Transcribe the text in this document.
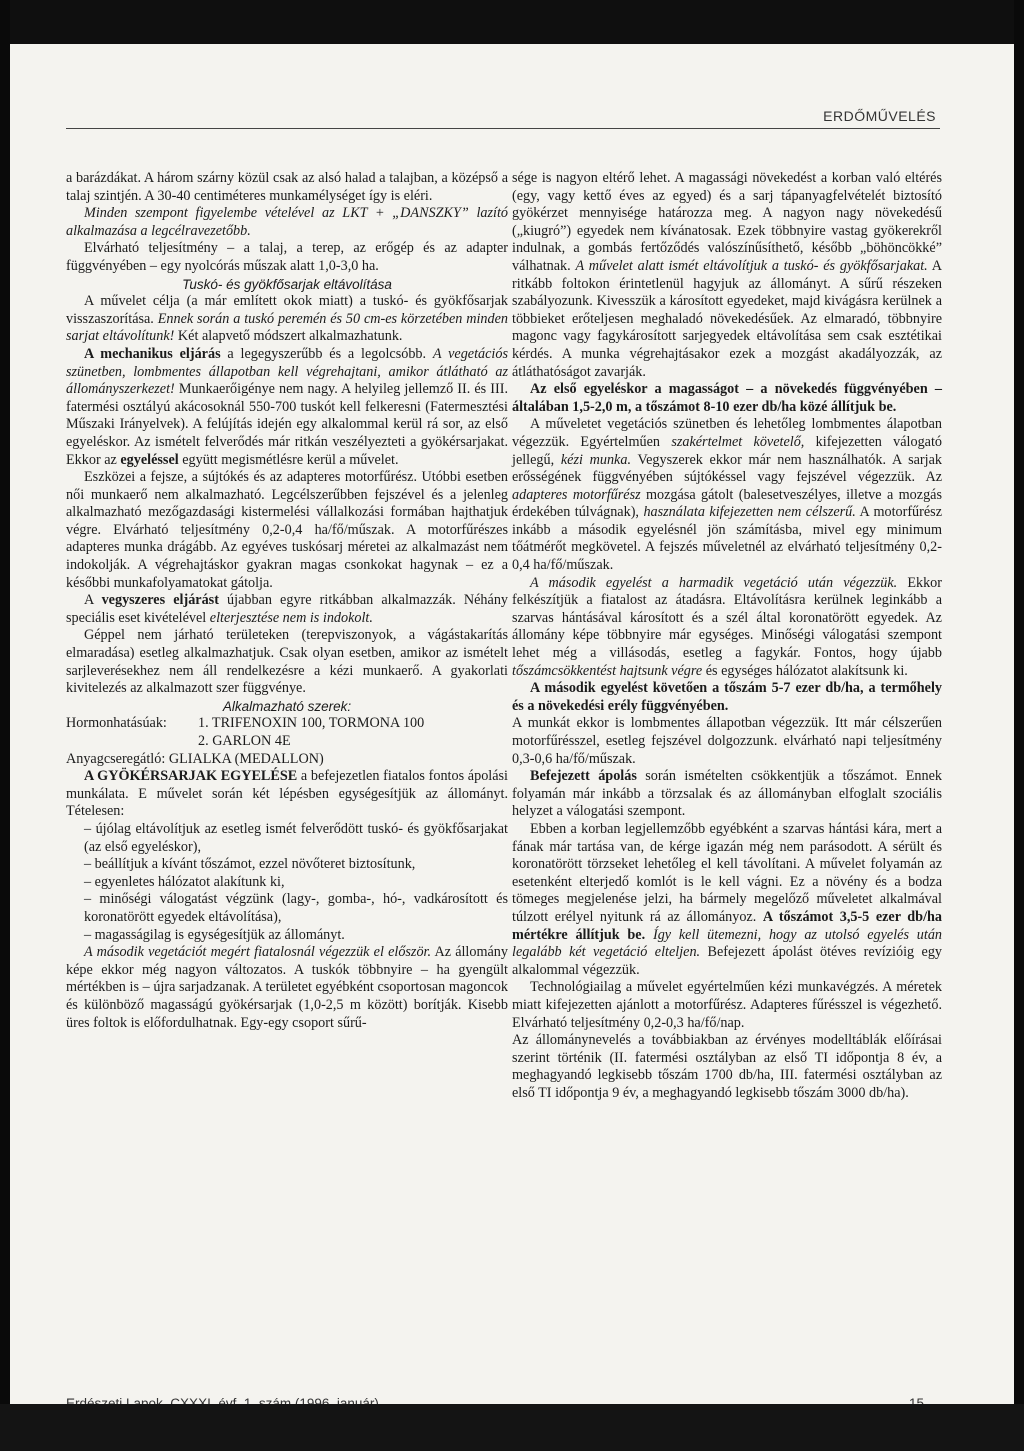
ERDŐMŰVELÉS

a barázdákat. A három szárny közül csak az alsó halad a talajban, a középső a talaj szintjén. A 30-40 centiméteres munkamélységet így is eléri.

Minden szempont figyelembe vételével az LKT + „DANSZKY” lazító alkalmazása a legcélravezetőbb.

Elvárható teljesítmény – a talaj, a terep, az erőgép és az adapter függvényében – egy nyolcórás műszak alatt 1,0-3,0 ha.

Tuskó- és gyökfősarjak eltávolítása

A művelet célja (a már említett okok miatt) a tuskó- és gyökfősarjak visszaszorítása. Ennek során a tuskó peremén és 50 cm-es körzetében minden sarjat eltávolítunk! Két alapvető módszert alkalmazhatunk.

A mechanikus eljárás a legegyszerűbb és a legolcsóbb. A vegetációs szünetben, lombmentes állapotban kell végrehajtani, amikor átlátható az állományszerkezet! Munkaerőigénye nem nagy. A helyileg jellemző II. és III. fatermési osztályú akácosoknál 550-700 tuskót kell felkeresni (Fatermesztési Műszaki Irányelvek). A felújítás idején egy alkalommal kerül rá sor, az első egyeléskor. Az ismételt felverődés már ritkán veszélyezteti a gyökérsarjakat. Ekkor az egyeléssel együtt megismétlésre kerül a művelet.

Eszközei a fejsze, a sújtókés és az adapteres motorfűrész. Utóbbi esetben női munkaerő nem alkalmazható. Legcélszerűbben fejszével és a jelenleg alkalmazható mezőgazdasági kistermelési vállalkozási formában hajthatjuk végre. Elvárható teljesítmény 0,2-0,4 ha/fő/műszak. A motorfűrészes adapteres munka drágább. Az egyéves tuskósarj méretei az alkalmazást nem indokolják. A végrehajtáskor gyakran magas csonkokat hagynak – ez a későbbi munkafolyamatokat gátolja.

A vegyszeres eljárást újabban egyre ritkábban alkalmazzák. Néhány speciális eset kivételével elterjesztése nem is indokolt.

Géppel nem járható területeken (terepviszonyok, a vágástakarítás elmaradása) esetleg alkalmazhatjuk. Csak olyan esetben, amikor az ismételt sarjleverésekhez nem áll rendelkezésre a kézi munkaerő. A gyakorlati kivitelezés az alkalmazott szer függvénye.

Alkalmazható szerek:

Hormonhatásúak:	1. TRIFENOXIN 100, TORMONA 100
2. GARLON 4E

Anyagcseregátló: GLIALKA (MEDALLON)

A GYÖKÉRSARJAK EGYELÉSE a befejezetlen fiatalos fontos ápolási munkálata. E művelet során két lépésben egységesítjük az állományt. Tételesen:

– újólag eltávolítjuk az esetleg ismét felverődött tuskó- és gyökfősarjakat (az első egyeléskor),
– beállítjuk a kívánt tőszámot, ezzel növőteret biztosítunk,
– egyenletes hálózatot alakítunk ki,
– minőségi válogatást végzünk (lagy-, gomba-, hó-, vadkárosított és koronatörött egyedek eltávolítása),
– magasságilag is egységesítjük az állományt.

A második vegetációt megért fiatalosnál végezzük el először. Az állomány képe ekkor még nagyon változatos. A tuskók többnyire – ha gyengült mértékben is – újra sarjadzanak. A területet egyébként csoportosan magoncok és különböző magasságú gyökérsarjak (1,0-2,5 m között) borítják. Kisebb üres foltok is előfordulhatnak. Egy-egy csoport sűrű-

sége is nagyon eltérő lehet. A magassági növekedést a korban való eltérés (egy, vagy kettő éves az egyed) és a sarj tápanyagfelvételét biztosító gyökérzet mennyisége határozza meg. A nagyon nagy növekedésű („kiugró”) egyedek nem kívánatosak. Ezek többnyire vastag gyökerekről indulnak, a gombás fertőződés valószínűsíthető, később „böhöncökké” válhatnak. A művelet alatt ismét eltávolítjuk a tuskó- és gyökfősarjakat. A ritkább foltokon érintetlenül hagyjuk az állományt. A sűrű részeken szabályozunk. Kivesszük a károsított egyedeket, majd kivágásra kerülnek a többieket erőteljesen meghaladó növekedésűek. Az elmaradó, többnyire magonc vagy fagykárosított sarjegyedek eltávolítása sem csak esztétikai kérdés. A munka végrehajtásakor ezek a mozgást akadályozzák, az átláthatóságot zavarják.

Az első egyeléskor a magasságot – a növekedés függvényében – általában 1,5-2,0 m, a tőszámot 8-10 ezer db/ha közé állítjuk be.

A műveletet vegetációs szünetben és lehetőleg lombmentes álapotban végezzük. Egyértelműen szakértelmet követelő, kifejezetten válogató jellegű, kézi munka. Vegyszerek ekkor már nem használhatók. A sarjak erősségének függvényében sújtókéssel vagy fejszével végezzük. Az adapteres motorfűrész mozgása gátolt (balesetveszélyes, illetve a mozgás érdekében túlvágnak), használata kifejezetten nem célszerű. A motorfűrész inkább a második egyelésnél jön számításba, mivel egy minimum tőátmérőt megkövetel. A fejszés műveletnél az elvárható teljesítmény 0,2-0,4 ha/fő/műszak.

A második egyelést a harmadik vegetáció után végezzük. Ekkor felkészítjük a fiatalost az átadásra. Eltávolításra kerülnek leginkább a szarvas hántásával károsított és a szél által koronatörött egyedek. Az állomány képe többnyire már egységes. Minőségi válogatási szempont lehet még a villásodás, esetleg a fagykár. Fontos, hogy újabb tőszámcsökkentést hajtsunk végre és egységes hálózatot alakítsunk ki.

A második egyelést követően a tőszám 5-7 ezer db/ha, a termőhely és a növekedési erély függvényében.

A munkát ekkor is lombmentes állapotban végezzük. Itt már célszerűen motorfűrésszel, esetleg fejszével dolgozzunk. elvárható napi teljesítmény 0,3-0,6 ha/fő/műszak.

Befejezett ápolás során ismételten csökkentjük a tőszámot. Ennek folyamán már inkább a törzsalak és az állományban elfoglalt szociális helyzet a válogatási szempont.

Ebben a korban legjellemzőbb egyébként a szarvas hántási kára, mert a fának már tartása van, de kérge igazán még nem parásodott. A sérült és koronatörött törzseket lehetőleg el kell távolítani. A művelet folyamán az esetenként elterjedő komlót is le kell vágni. Ez a növény és a bodza tömeges megjelenése jelzi, ha bármely megelőző műveletet alkalmával túlzott erélyel nyitunk rá az állományoz. A tőszámot 3,5-5 ezer db/ha mértékre állítjuk be. Így kell ütemezni, hogy az utolsó egyelés után legalább két vegetáció elteljen. Befejezett ápolást ötéves revízióig egy alkalommal végezzük.

Technológiailag a művelet egyértelműen kézi munkavégzés. A méretek miatt kifejezetten ajánlott a motorfűrész. Adapteres fűrésszel is végezhető. Elvárható teljesítmény 0,2-0,3 ha/fő/nap.

Az állománynevelés a továbbiakban az érvényes modelltáblák előírásai szerint történik (II. fatermési osztályban az első TI időpontja 8 év, a meghagyandó legkisebb tőszám 1700 db/ha, III. fatermési osztályban az első TI időpontja 9 év, a meghagyandó legkisebb tőszám 3000 db/ha).
